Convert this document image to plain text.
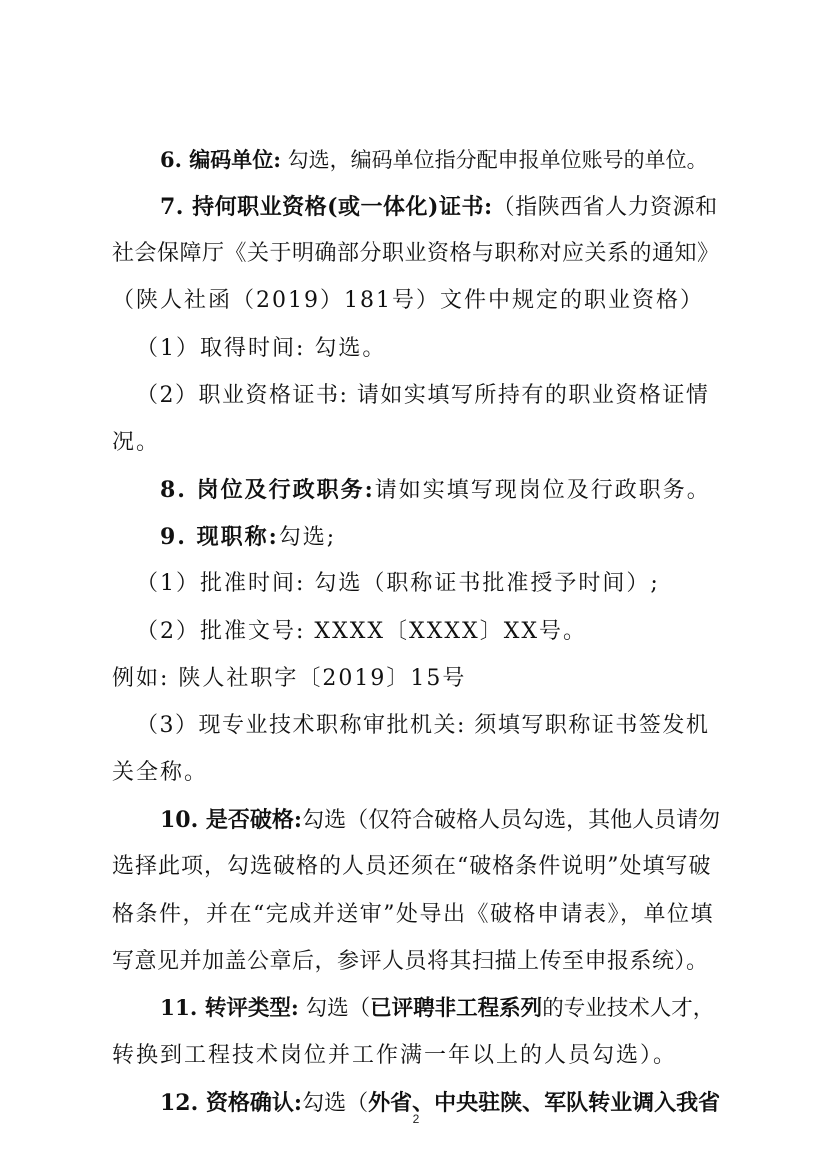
6. 编码单位: 勾选，编码单位指分配申报单位账号的单位。
7. 持何职业资格(或一体化)证书:（指陕西省人力资源和
社会保障厅《关于明确部分职业资格与职称对应关系的通知》
（陕人社函（2019）181号）文件中规定的职业资格）
（1）取得时间: 勾选。
（2）职业资格证书: 请如实填写所持有的职业资格证情
况。
8. 岗位及行政职务:请如实填写现岗位及行政职务。
9. 现职称:勾选;
（1）批准时间: 勾选（职称证书批准授予时间）;
（2）批准文号: XXXX〔XXXX〕XX号。
例如: 陕人社职字〔2019〕15号
（3）现专业技术职称审批机关: 须填写职称证书签发机
关全称。
10. 是否破格:勾选（仅符合破格人员勾选，其他人员请勿
选择此项，勾选破格的人员还须在“破格条件说明”处填写破
格条件，并在“完成并送审”处导出《破格申请表》，单位填
写意见并加盖公章后，参评人员将其扫描上传至申报系统）。
11. 转评类型: 勾选（已评聘非工程系列的专业技术人才，
转换到工程技术岗位并工作满一年以上的人员勾选）。
12. 资格确认:勾选（外省、中央驻陕、军队转业调入我省
2
